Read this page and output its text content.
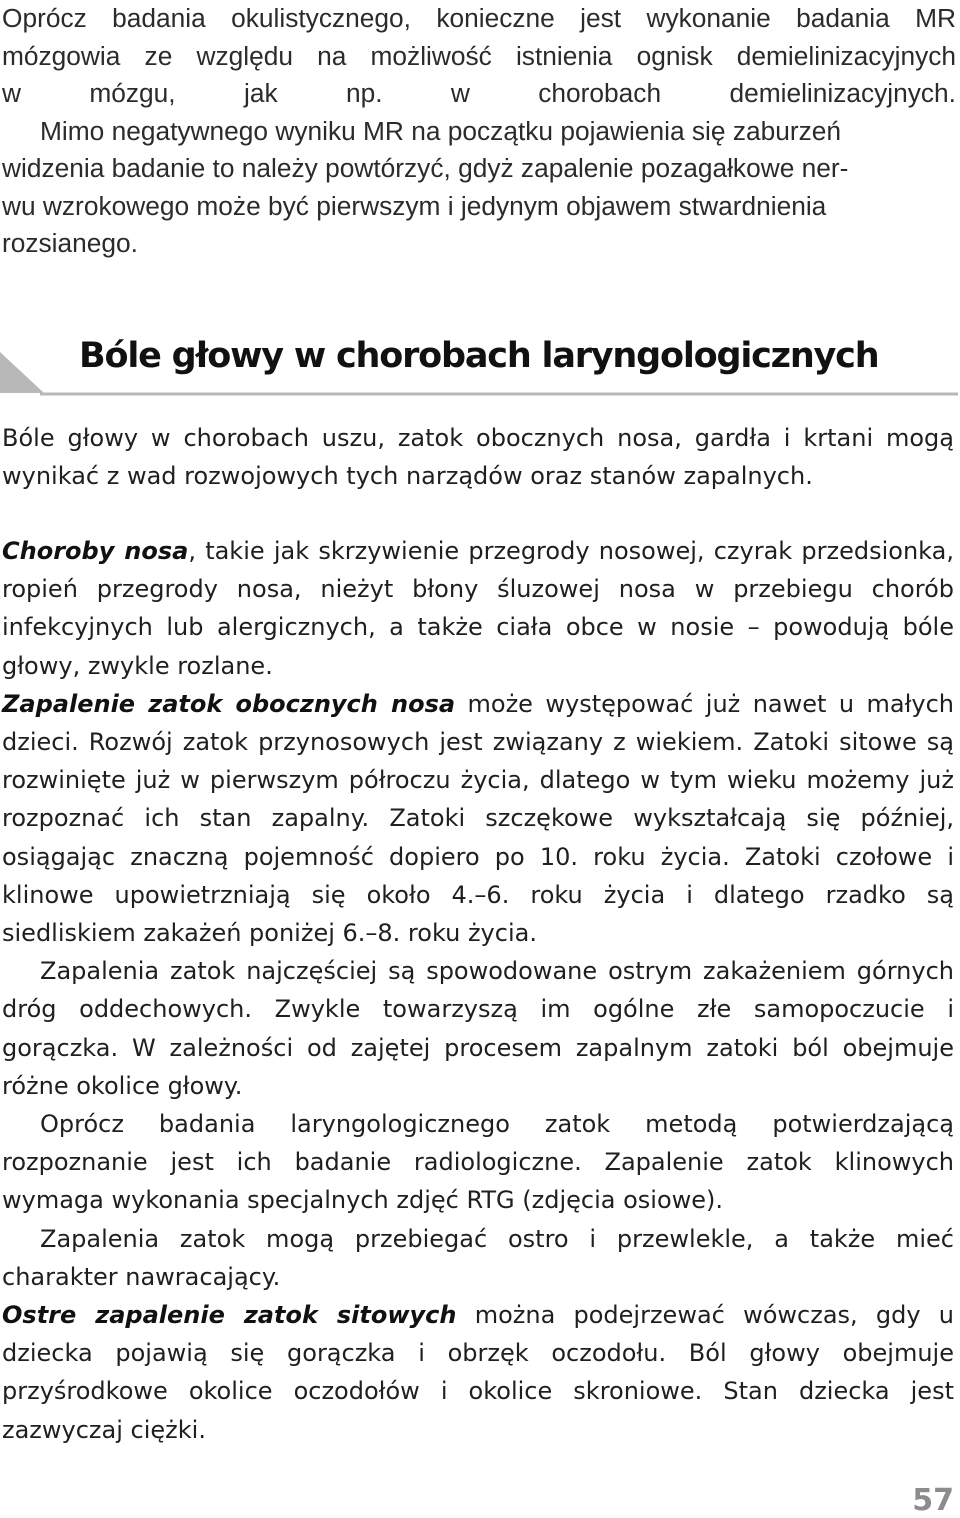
Oprócz badania okulistycznego, konieczne jest wykonanie badania MR
mózgowia ze względu na możliwość istnienia ognisk demielinizacyjnych
w mózgu, jak np. w chorobach demielinizacyjnych.

Mimo negatywnego wyniku MR na początku pojawienia się zaburzeń
widzenia badanie to należy powtórzyć, gdyż zapalenie pozagałkowe ner-
wu wzrokowego może być pierwszym i jedynym objawem stwardnienia
rozsianego.

Bóle głowy w chorobach laryngologicznych

Bóle głowy w chorobach uszu, zatok obocznych nosa, gardła i krtani mogą wynikać z wad rozwojowych tych narządów oraz stanów zapalnych.

Choroby nosa, takie jak skrzywienie przegrody nosowej, czyrak przedsionka, ropień przegrody nosa, nieżyt błony śluzowej nosa w przebiegu chorób infekcyjnych lub alergicznych, a także ciała obce w nosie – powodują bóle głowy, zwykle rozlane.

Zapalenie zatok obocznych nosa może występować już nawet u małych dzieci. Rozwój zatok przynosowych jest związany z wiekiem. Zatoki sitowe są rozwinięte już w pierwszym półroczu życia, dlatego w tym wieku możemy już rozpoznać ich stan zapalny. Zatoki szczękowe wykształcają się później, osiągając znaczną pojemność dopiero po 10. roku życia. Zatoki czołowe i klinowe upowietrzniają się około 4.–6. roku życia i dlatego rzadko są siedliskiem zakażeń poniżej 6.–8. roku życia.

Zapalenia zatok najczęściej są spowodowane ostrym zakażeniem górnych dróg oddechowych. Zwykle towarzyszą im ogólne złe samopoczucie i gorączka. W zależności od zajętej procesem zapalnym zatoki ból obejmuje różne okolice głowy.

Oprócz badania laryngologicznego zatok metodą potwierdzającą rozpoznanie jest ich badanie radiologiczne. Zapalenie zatok klinowych wymaga wykonania specjalnych zdjęć RTG (zdjęcia osiowe).

Zapalenia zatok mogą przebiegać ostro i przewlekle, a także mieć charakter nawracający.

Ostre zapalenie zatok sitowych można podejrzewać wówczas, gdy u dziecka pojawią się gorączka i obrzęk oczodołu. Ból głowy obejmuje przyśrodkowe okolice oczodołów i okolice skroniowe. Stan dziecka jest zazwyczaj ciężki.

57
